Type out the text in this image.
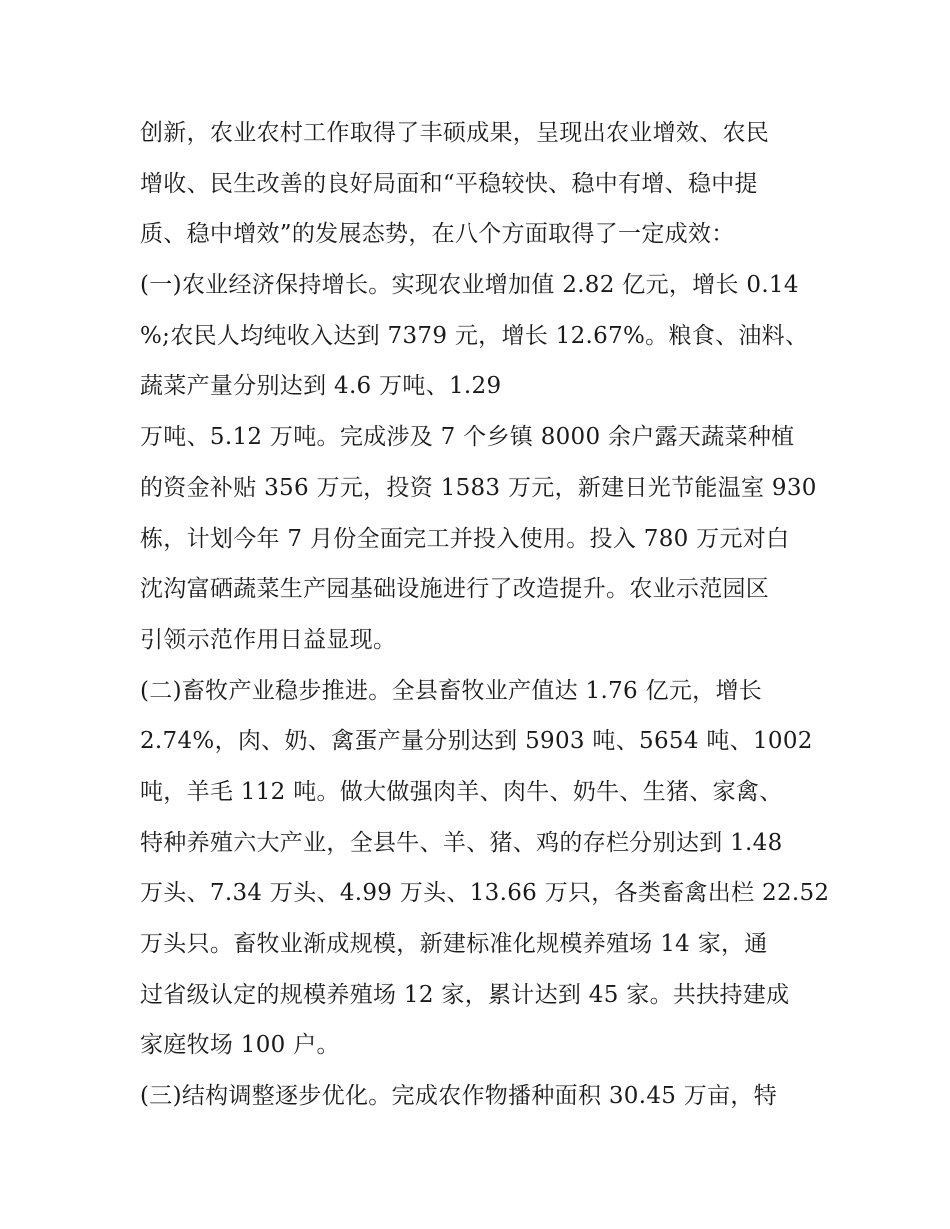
创新，农业农村工作取得了丰硕成果，呈现出农业增效、农民
增收、民生改善的良好局面和“平稳较快、稳中有增、稳中提
质、稳中增效”的发展态势，在八个方面取得了一定成效：
(一)农业经济保持增长。实现农业增加值 2.82 亿元，增长 0.14
%;农民人均纯收入达到 7379 元，增长 12.67%。粮食、油料、
蔬菜产量分别达到 4.6 万吨、1.29
万吨、5.12 万吨。完成涉及 7 个乡镇 8000 余户露天蔬菜种植
的资金补贴 356 万元，投资 1583 万元，新建日光节能温室 930
栋，计划今年 7 月份全面完工并投入使用。投入 780 万元对白
沈沟富硒蔬菜生产园基础设施进行了改造提升。农业示范园区
引领示范作用日益显现。
(二)畜牧产业稳步推进。全县畜牧业产值达 1.76 亿元，增长
2.74%，肉、奶、禽蛋产量分别达到 5903 吨、5654 吨、1002
吨，羊毛 112 吨。做大做强肉羊、肉牛、奶牛、生猪、家禽、
特种养殖六大产业，全县牛、羊、猪、鸡的存栏分别达到 1.48
万头、7.34 万头、4.99 万头、13.66 万只，各类畜禽出栏 22.52
万头只。畜牧业渐成规模，新建标准化规模养殖场 14 家，通
过省级认定的规模养殖场 12 家，累计达到 45 家。共扶持建成
家庭牧场 100 户。
(三)结构调整逐步优化。完成农作物播种面积 30.45 万亩，特
